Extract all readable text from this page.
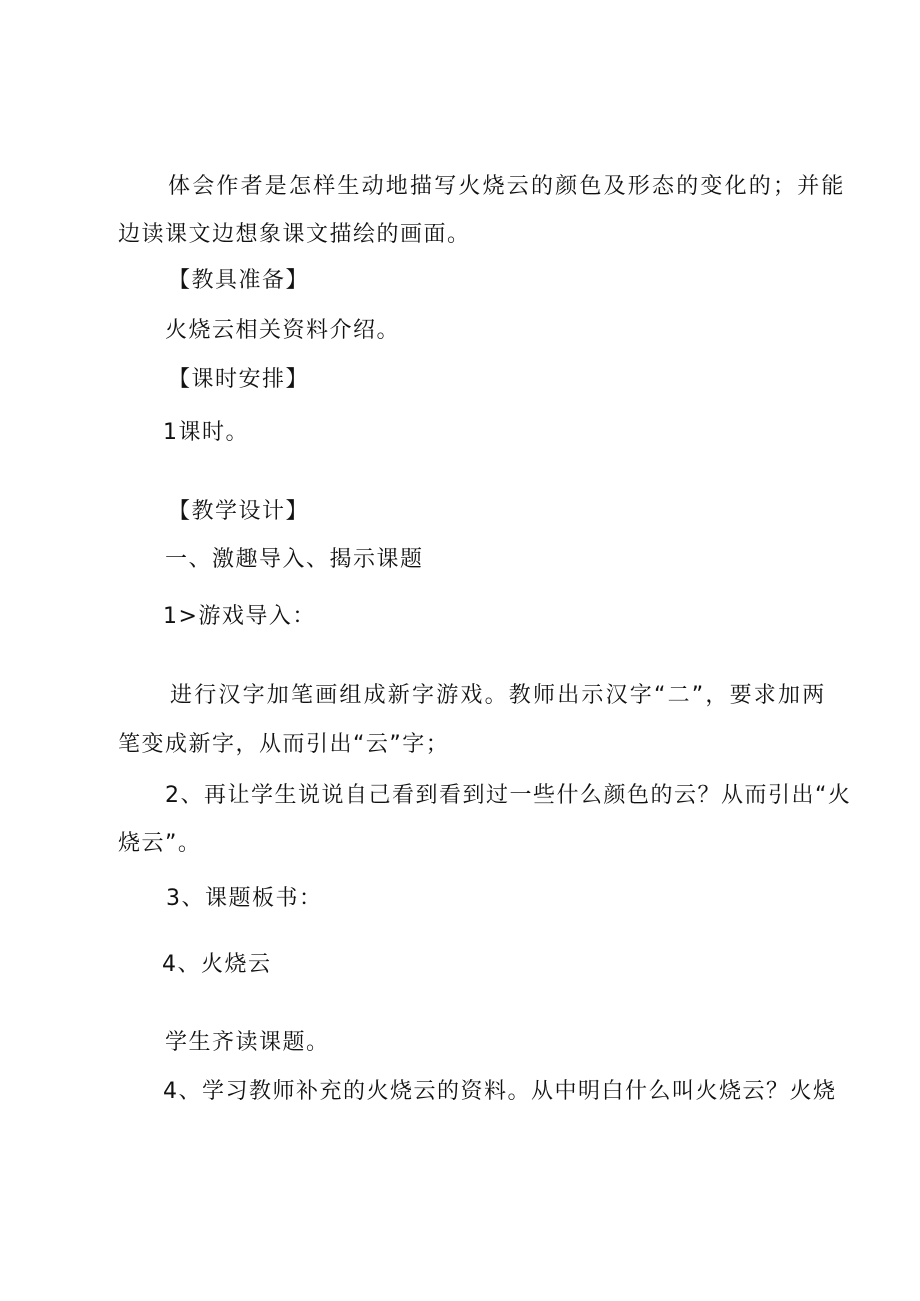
体会作者是怎样生动地描写火烧云的颜色及形态的变化的；并能
边读课文边想象课文描绘的画面。
【教具准备】
火烧云相关资料介绍。
【课时安排】
1课时。
【教学设计】
一、激趣导入、揭示课题
1>游戏导入：
进行汉字加笔画组成新字游戏。教师出示汉字“二”，要求加两
笔变成新字，从而引出“云”字；
2、再让学生说说自己看到看到过一些什么颜色的云？从而引出“火
烧云”。
3、课题板书：
4、火烧云
学生齐读课题。
4、学习教师补充的火烧云的资料。从中明白什么叫火烧云？火烧
